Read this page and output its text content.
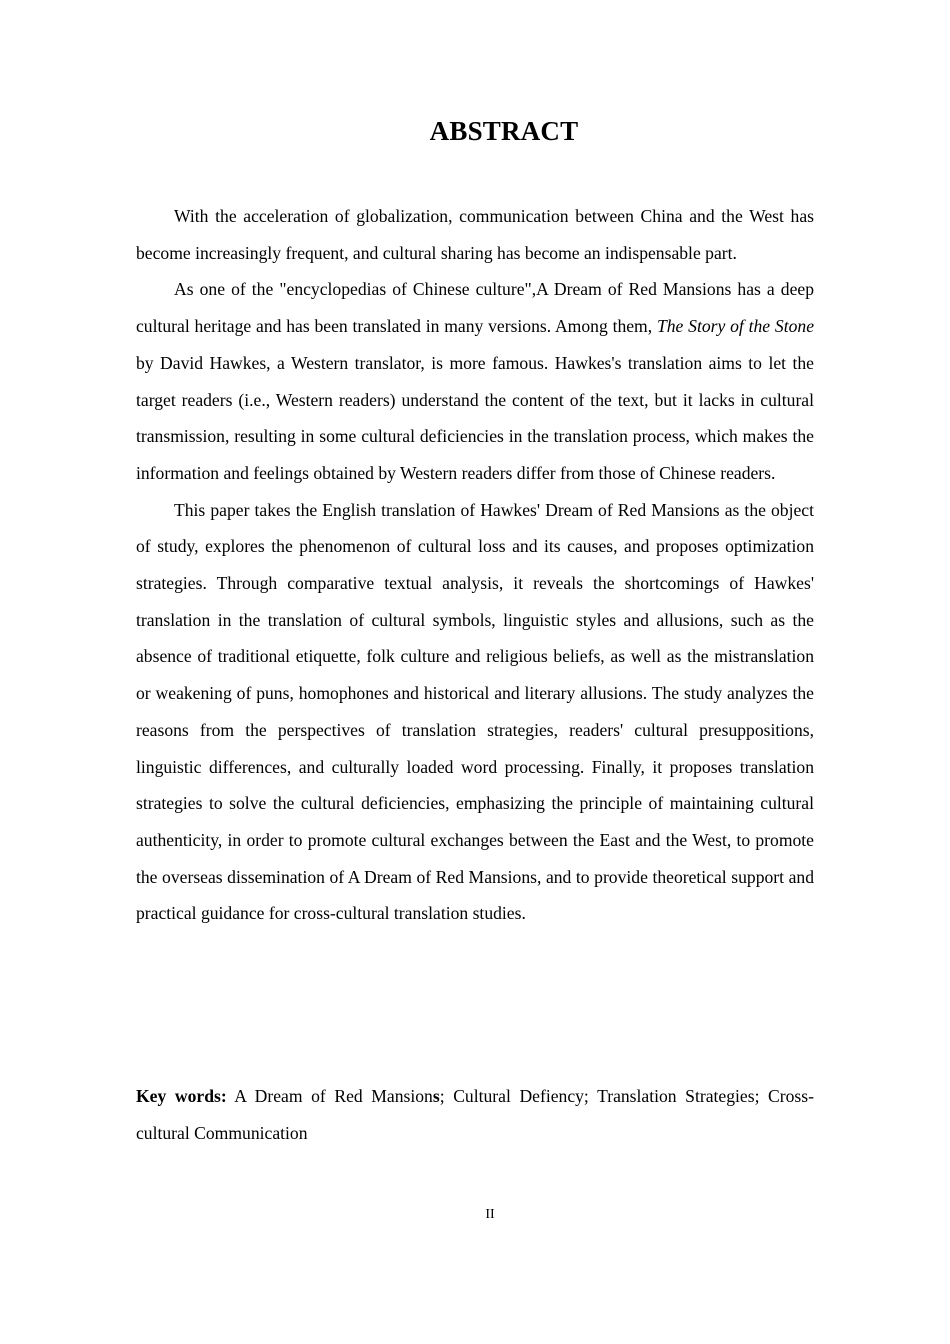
ABSTRACT

With the acceleration of globalization, communication between China and the West has become increasingly frequent, and cultural sharing has become an indispensable part.

As one of the "encyclopedias of Chinese culture",A Dream of Red Mansions has a deep cultural heritage and has been translated in many versions. Among them, The Story of the Stone by David Hawkes, a Western translator, is more famous. Hawkes's translation aims to let the target readers (i.e., Western readers) understand the content of the text, but it lacks in cultural transmission, resulting in some cultural deficiencies in the translation process, which makes the information and feelings obtained by Western readers differ from those of Chinese readers.

This paper takes the English translation of Hawkes' Dream of Red Mansions as the object of study, explores the phenomenon of cultural loss and its causes, and proposes optimization strategies. Through comparative textual analysis, it reveals the shortcomings of Hawkes' translation in the translation of cultural symbols, linguistic styles and allusions, such as the absence of traditional etiquette, folk culture and religious beliefs, as well as the mistranslation or weakening of puns, homophones and historical and literary allusions. The study analyzes the reasons from the perspectives of translation strategies, readers' cultural presuppositions, linguistic differences, and culturally loaded word processing. Finally, it proposes translation strategies to solve the cultural deficiencies, emphasizing the principle of maintaining cultural authenticity, in order to promote cultural exchanges between the East and the West, to promote the overseas dissemination of A Dream of Red Mansions, and to provide theoretical support and practical guidance for cross-cultural translation studies.

Key words: A Dream of Red Mansions; Cultural Defiency; Translation Strategies; Cross-cultural Communication

II
